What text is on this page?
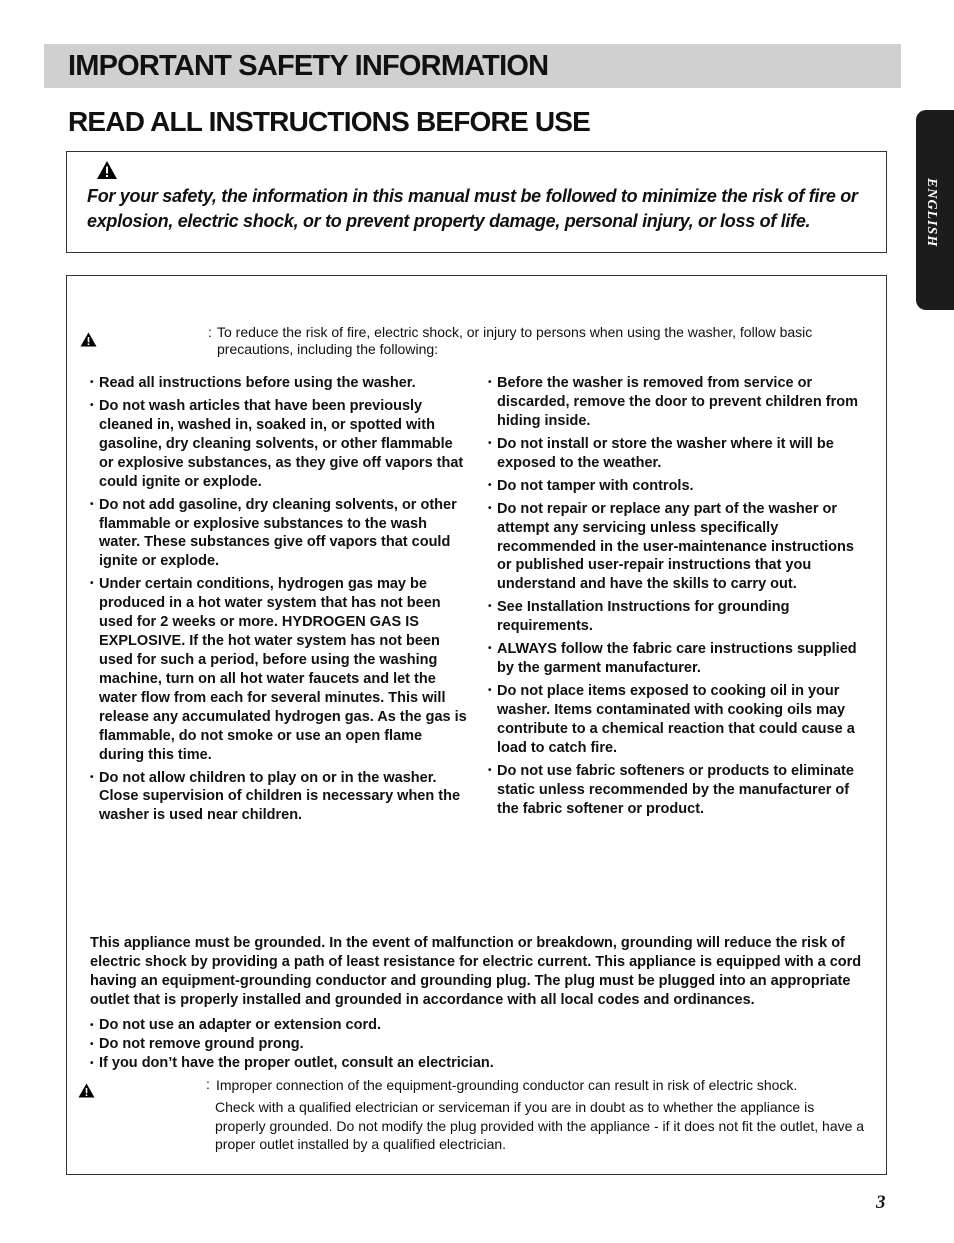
IMPORTANT SAFETY INFORMATION
READ ALL INSTRUCTIONS BEFORE USE
ENGLISH

For your safety, the information in this manual must be followed to minimize the risk of fire or explosion, electric shock, or to prevent property damage, personal injury, or loss of life.

: To reduce the risk of fire, electric shock, or injury to persons when using the washer, follow basic precautions, including the following:
• Read all instructions before using the washer.
• Do not wash articles that have been previously cleaned in, washed in, soaked in, or spotted with gasoline, dry cleaning solvents, or other flammable or explosive substances, as they give off vapors that could ignite or explode.
• Do not add gasoline, dry cleaning solvents, or other flammable or explosive substances to the wash water. These substances give off vapors that could ignite or explode.
• Under certain conditions, hydrogen gas may be produced in a hot water system that has not been used for 2 weeks or more. HYDROGEN GAS IS EXPLOSIVE. If the hot water system has not been used for such a period, before using the washing machine, turn on all hot water faucets and let the water flow from each for several minutes. This will release any accumulated hydrogen gas. As the gas is flammable, do not smoke or use an open flame during this time.
• Do not allow children to play on or in the washer. Close supervision of children is necessary when the washer is used near children.
• Before the washer is removed from service or discarded, remove the door to prevent children from hiding inside.
• Do not install or store the washer where it will be exposed to the weather.
• Do not tamper with controls.
• Do not repair or replace any part of the washer or attempt any servicing unless specifically recommended in the user-maintenance instructions or published user-repair instructions that you understand and have the skills to carry out.
• See Installation Instructions for grounding requirements.
• ALWAYS follow the fabric care instructions supplied by the garment manufacturer.
• Do not place items exposed to cooking oil in your washer. Items contaminated with cooking oils may contribute to a chemical reaction that could cause a load to catch fire.
• Do not use fabric softeners or products to eliminate static unless recommended by the manufacturer of the fabric softener or product.

This appliance must be grounded. In the event of malfunction or breakdown, grounding will reduce the risk of electric shock by providing a path of least resistance for electric current. This appliance is equipped with a cord having an equipment-grounding conductor and grounding plug. The plug must be plugged into an appropriate outlet that is properly installed and grounded in accordance with all local codes and ordinances.

• Do not use an adapter or extension cord.
• Do not remove ground prong.
• If you don’t have the proper outlet, consult an electrician.
: Improper connection of the equipment-grounding conductor can result in risk of electric shock.

Check with a qualified electrician or serviceman if you are in doubt as to whether the appliance is properly grounded. Do not modify the plug provided with the appliance - if it does not fit the outlet, have a proper outlet installed by a qualified electrician.

3
